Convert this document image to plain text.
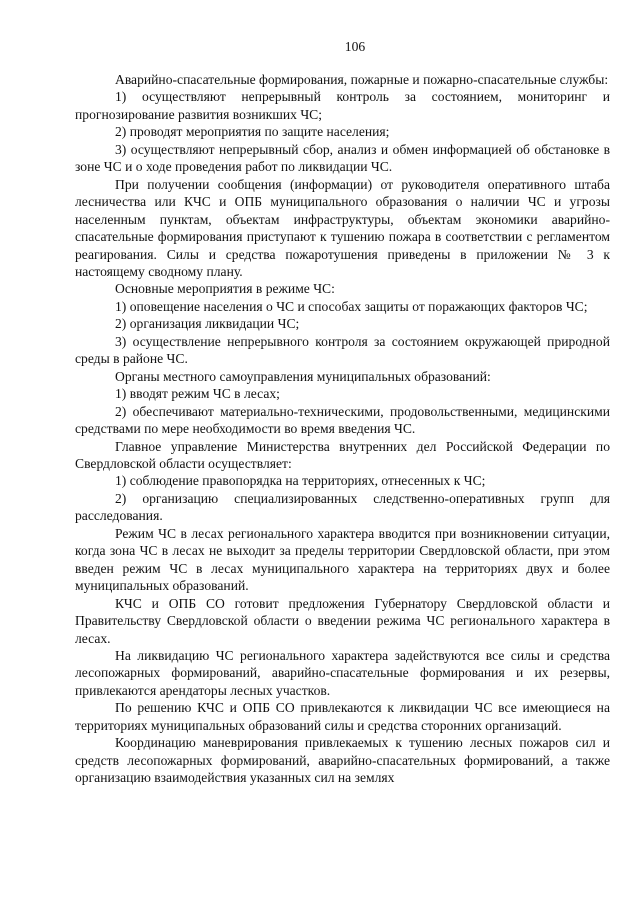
106

Аварийно-спасательные формирования, пожарные и пожарно-спасательные службы:

1) осуществляют непрерывный контроль за состоянием, мониторинг и прогнозирование развития возникших ЧС;

2) проводят мероприятия по защите населения;

3) осуществляют непрерывный сбор, анализ и обмен информацией об обстановке в зоне ЧС и о ходе проведения работ по ликвидации ЧС.

При получении сообщения (информации) от руководителя оперативного штаба лесничества или КЧС и ОПБ муниципального образования о наличии ЧС и угрозы населенным пунктам, объектам инфраструктуры, объектам экономики аварийно-спасательные формирования приступают к тушению пожара в соответствии с регламентом реагирования. Силы и средства пожаротушения приведены в приложении № 3 к настоящему сводному плану.

Основные мероприятия в режиме ЧС:

1) оповещение населения о ЧС и способах защиты от поражающих факторов ЧС;

2) организация ликвидации ЧС;

3) осуществление непрерывного контроля за состоянием окружающей природной среды в районе ЧС.

Органы местного самоуправления муниципальных образований:

1) вводят режим ЧС в лесах;

2) обеспечивают материально-техническими, продовольственными, медицинскими средствами по мере необходимости во время введения ЧС.

Главное управление Министерства внутренних дел Российской Федерации по Свердловской области осуществляет:

1) соблюдение правопорядка на территориях, отнесенных к ЧС;

2) организацию специализированных следственно-оперативных групп для расследования.

Режим ЧС в лесах регионального характера вводится при возникновении ситуации, когда зона ЧС в лесах не выходит за пределы территории Свердловской области, при этом введен режим ЧС в лесах муниципального характера на территориях двух и более муниципальных образований.

КЧС и ОПБ СО готовит предложения Губернатору Свердловской области и Правительству Свердловской области о введении режима ЧС регионального характера в лесах.

На ликвидацию ЧС регионального характера задействуются все силы и средства лесопожарных формирований, аварийно-спасательные формирования и их резервы, привлекаются арендаторы лесных участков.

По решению КЧС и ОПБ СО привлекаются к ликвидации ЧС все имеющиеся на территориях муниципальных образований силы и средства сторонних организаций.

Координацию маневрирования привлекаемых к тушению лесных пожаров сил и средств лесопожарных формирований, аварийно-спасательных формирований, а также организацию взаимодействия указанных сил на землях
